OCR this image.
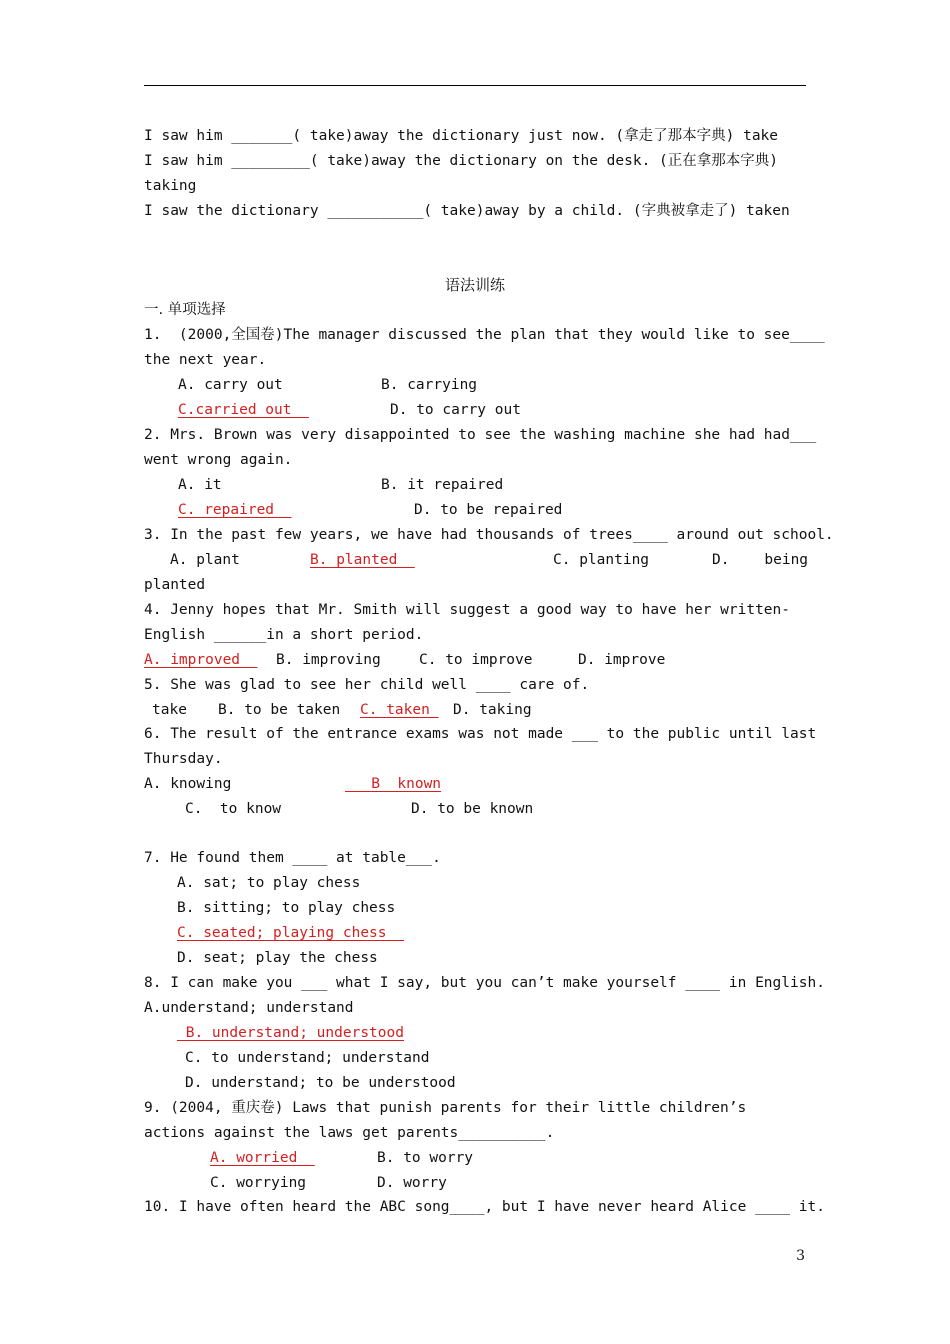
I saw him _______( take)away the dictionary just now. (拿走了那本字典) take
I saw him _________( take)away the dictionary on the desk. (正在拿那本字典)
taking
I saw the dictionary ___________( take)away by a child. (字典被拿走了) taken
语法训练
一. 单项选择
1.  (2000,全国卷)The manager discussed the plan that they would like to see____
the next year.
A. carry out	B. carrying
C.carried out	D. to carry out
2. Mrs. Brown was very disappointed to see the washing machine she had had___
went wrong again.
A. it	B. it repaired
C. repaired	D. to be repaired
3. In the past few years, we have had thousands of trees____ around out school.
A. plant	B. planted	C. planting	D.    being
planted
4. Jenny hopes that Mr. Smith will suggest a good way to have her written-
English ______in a short period.
A. improved	B. improving	C. to improve	D. improve
5. She was glad to see her child well ____ care of.
take	B. to be taken	C. taken D. taking
6. The result of the entrance exams was not made ___ to the public until last
Thursday.
A. knowing	B  known
C.  to know	D. to be known
7. He found them ____ at table___.
A. sat; to play chess
B. sitting; to play chess
C. seated; playing chess
D. seat; play the chess
8. I can make you ___ what I say, but you can’t make yourself ____ in English.
A.understand; understand
B. understand; understood
C. to understand; understand
D. understand; to be understood
9. (2004, 重庆卷) Laws that punish parents for their little children’s
actions against the laws get parents__________.
A. worried	B. to worry
C. worrying	D. worry
10. I have often heard the ABC song____, but I have never heard Alice ____ it.
3
